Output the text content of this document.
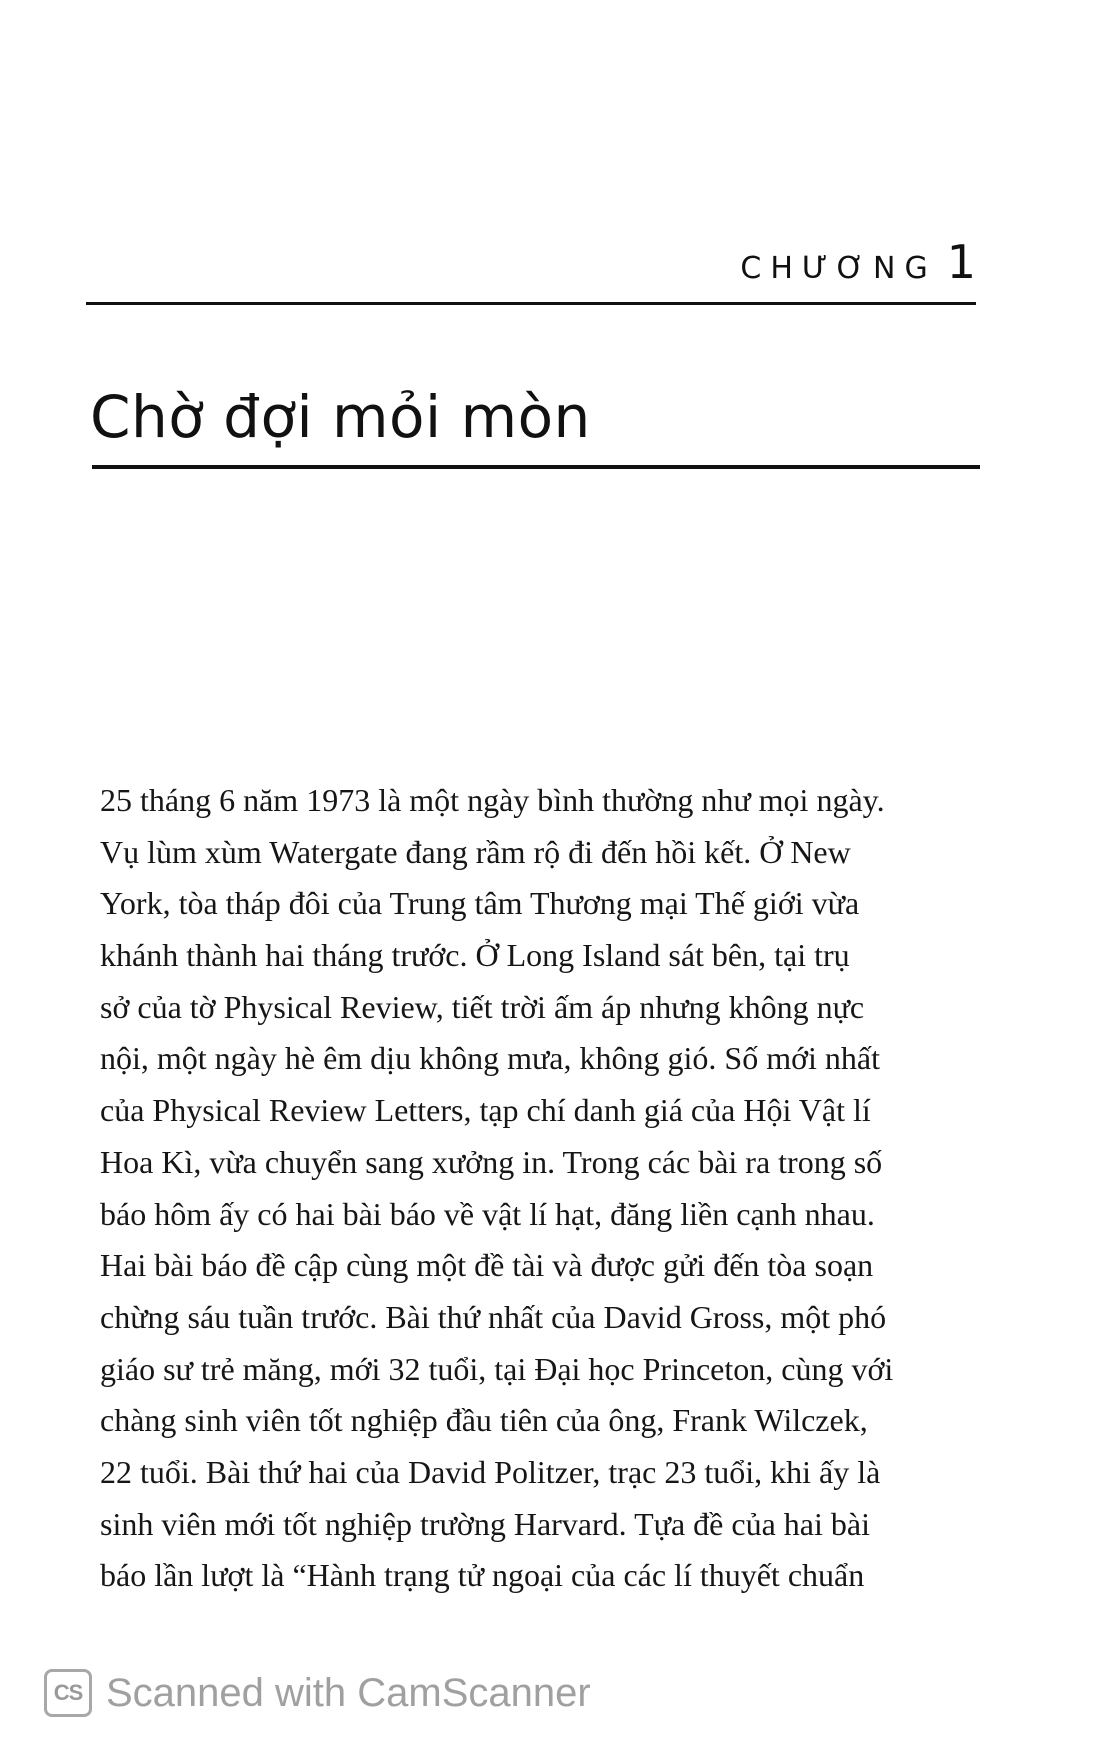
CHƯƠNG 1
Chờ đợi mỏi mòn
25 tháng 6 năm 1973 là một ngày bình thường như mọi ngày.
Vụ lùm xùm Watergate đang rầm rộ đi đến hồi kết. Ở New
York, tòa tháp đôi của Trung tâm Thương mại Thế giới vừa
khánh thành hai tháng trước. Ở Long Island sát bên, tại trụ
sở của tờ Physical Review, tiết trời ấm áp nhưng không nực
nội, một ngày hè êm dịu không mưa, không gió. Số mới nhất
của Physical Review Letters, tạp chí danh giá của Hội Vật lí
Hoa Kì, vừa chuyển sang xưởng in. Trong các bài ra trong số
báo hôm ấy có hai bài báo về vật lí hạt, đăng liền cạnh nhau.
Hai bài báo đề cập cùng một đề tài và được gửi đến tòa soạn
chừng sáu tuần trước. Bài thứ nhất của David Gross, một phó
giáo sư trẻ măng, mới 32 tuổi, tại Đại học Princeton, cùng với
chàng sinh viên tốt nghiệp đầu tiên của ông, Frank Wilczek,
22 tuổi. Bài thứ hai của David Politzer, trạc 23 tuổi, khi ấy là
sinh viên mới tốt nghiệp trường Harvard. Tựa đề của hai bài
báo lần lượt là “Hành trạng tử ngoại của các lí thuyết chuẩn
CS Scanned with CamScanner
